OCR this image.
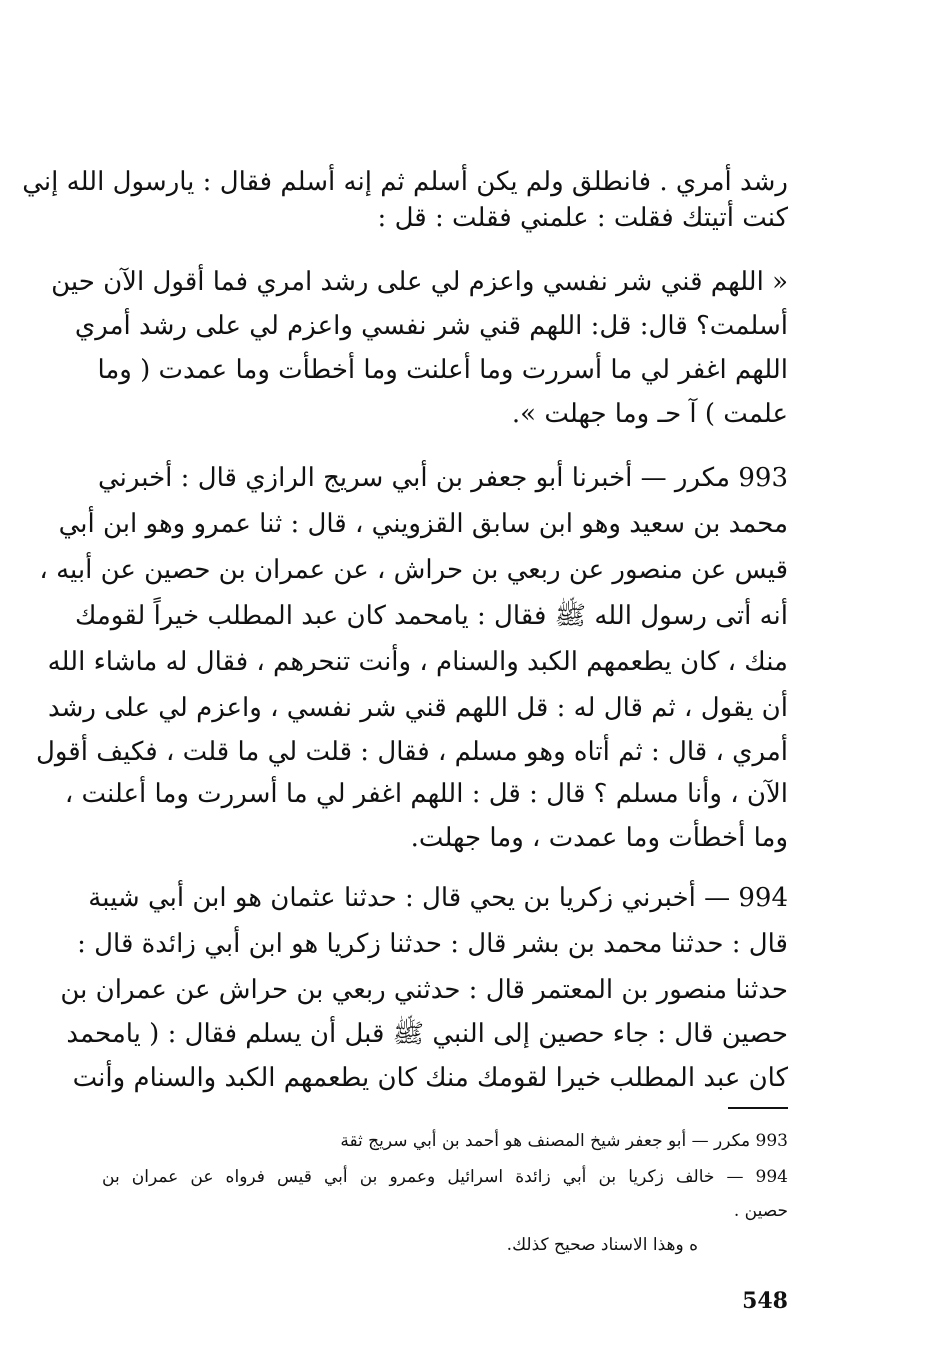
رشد أمري . فانطلق ولم يكن أسلم ثم إنه أسلم فقال : يارسول الله إني
كنت أتيتك فقلت : علمني فقلت : قل :
« اللهم قني شر نفسي واعزم لي على رشد امري فما أقول الآن حين
أسلمت؟ قال: قل: اللهم قني شر نفسي واعزم لي على رشد أمري
اللهم اغفر لي ما أسررت وما أعلنت وما أخطأت وما عمدت ( وما
علمت ) آ حـ وما جهلت ».
993 مكرر — أخبرنا أبو جعفر بن أبي سريج الرازي قال : أخبرني
محمد بن سعيد وهو ابن سابق القزويني ، قال : ثنا عمرو وهو ابن أبي
قيس عن منصور عن ربعي بن حراش ، عن عمران بن حصين عن أبيه ،
أنه أتى رسول الله ﷺ فقال : يامحمد كان عبد المطلب خيراً لقومك
منك ، كان يطعمهم الكبد والسنام ، وأنت تنحرهم ، فقال له ماشاء الله
أن يقول ، ثم قال له : قل اللهم قني شر نفسي ، واعزم لي على رشد
أمري ، قال : ثم أتاه وهو مسلم ، فقال : قلت لي ما قلت ، فكيف أقول
الآن ، وأنا مسلم ؟ قال : قل : اللهم اغفر لي ما أسررت وما أعلنت ،
وما أخطأت وما عمدت ، وما جهلت.
994 — أخبرني زكريا بن يحي قال : حدثنا عثمان هو ابن أبي شيبة
قال : حدثنا محمد بن بشر قال : حدثنا زكريا هو ابن أبي زائدة قال :
حدثنا منصور بن المعتمر قال : حدثني ربعي بن حراش عن عمران بن
حصين قال : جاء حصين إلى النبي ﷺ قبل أن يسلم فقال : ( يامحمد
كان عبد المطلب خيرا لقومك منك كان يطعمهم الكبد والسنام وأنت
993 مكرر — أبو جعفر شيخ المصنف هو أحمد بن أبي سريج ثقة
994 — خالف زكريا بن أبي زائدة اسرائيل وعمرو بن أبي قيس فرواه عن عمران بن
حصين .
ه وهذا الاسناد صحيح كذلك.
548
